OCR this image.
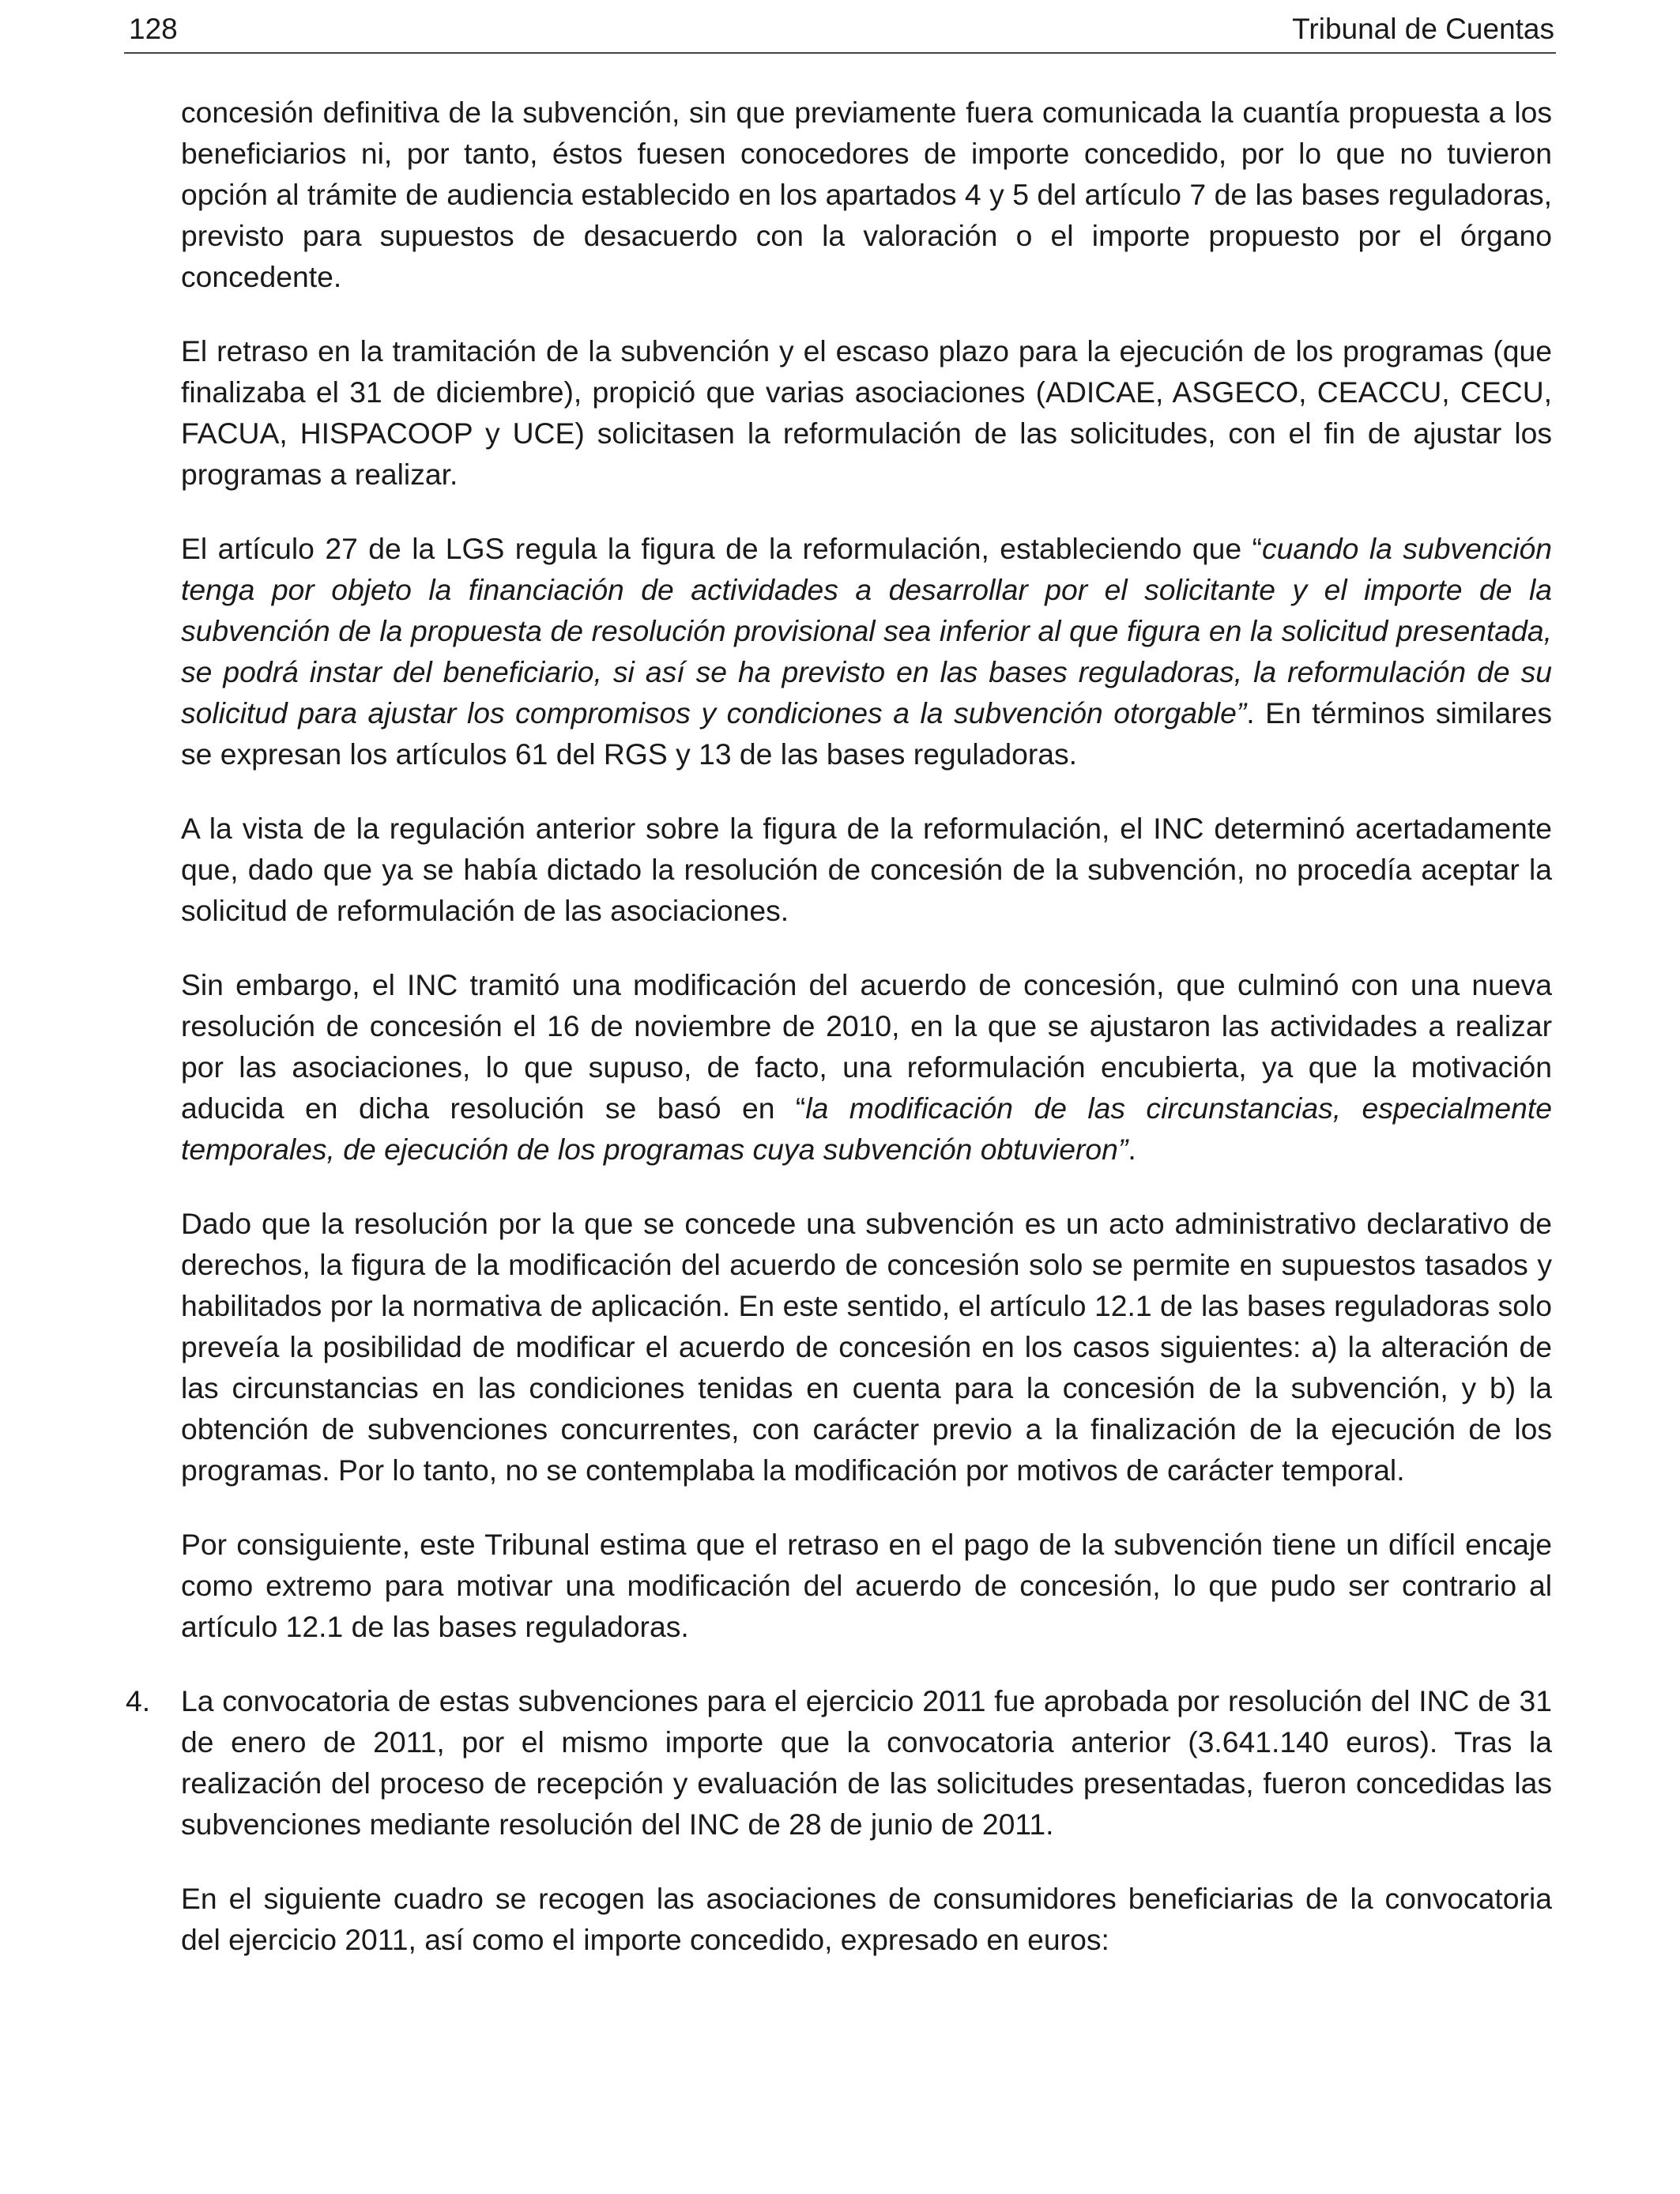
128	Tribunal de Cuentas

concesión definitiva de la subvención, sin que previamente fuera comunicada la cuantía propuesta a los beneficiarios ni, por tanto, éstos fuesen conocedores de importe concedido, por lo que no tuvieron opción al trámite de audiencia establecido en los apartados 4 y 5 del artículo 7 de las bases reguladoras, previsto para supuestos de desacuerdo con la valoración o el importe propuesto por el órgano concedente.

El retraso en la tramitación de la subvención y el escaso plazo para la ejecución de los programas (que finalizaba el 31 de diciembre), propició que varias asociaciones (ADICAE, ASGECO, CEACCU, CECU, FACUA, HISPACOOP y UCE) solicitasen la reformulación de las solicitudes, con el fin de ajustar los programas a realizar.

El artículo 27 de la LGS regula la figura de la reformulación, estableciendo que “cuando la subvención tenga por objeto la financiación de actividades a desarrollar por el solicitante y el importe de la subvención de la propuesta de resolución provisional sea inferior al que figura en la solicitud presentada, se podrá instar del beneficiario, si así se ha previsto en las bases reguladoras, la reformulación de su solicitud para ajustar los compromisos y condiciones a la subvención otorgable”. En términos similares se expresan los artículos 61 del RGS y 13 de las bases reguladoras.

A la vista de la regulación anterior sobre la figura de la reformulación, el INC determinó acertadamente que, dado que ya se había dictado la resolución de concesión de la subvención, no procedía aceptar la solicitud de reformulación de las asociaciones.

Sin embargo, el INC tramitó una modificación del acuerdo de concesión, que culminó con una nueva resolución de concesión el 16 de noviembre de 2010, en la que se ajustaron las actividades a realizar por las asociaciones, lo que supuso, de facto, una reformulación encubierta, ya que la motivación aducida en dicha resolución se basó en “la modificación de las circunstancias, especialmente temporales, de ejecución de los programas cuya subvención obtuvieron”.

Dado que la resolución por la que se concede una subvención es un acto administrativo declarativo de derechos, la figura de la modificación del acuerdo de concesión solo se permite en supuestos tasados y habilitados por la normativa de aplicación. En este sentido, el artículo 12.1 de las bases reguladoras solo preveía la posibilidad de modificar el acuerdo de concesión en los casos siguientes: a) la alteración de las circunstancias en las condiciones tenidas en cuenta para la concesión de la subvención, y b) la obtención de subvenciones concurrentes, con carácter previo a la finalización de la ejecución de los programas. Por lo tanto, no se contemplaba la modificación por motivos de carácter temporal.

Por consiguiente, este Tribunal estima que el retraso en el pago de la subvención tiene un difícil encaje como extremo para motivar una modificación del acuerdo de concesión, lo que pudo ser contrario al artículo 12.1 de las bases reguladoras.

4. La convocatoria de estas subvenciones para el ejercicio 2011 fue aprobada por resolución del INC de 31 de enero de 2011, por el mismo importe que la convocatoria anterior (3.641.140 euros). Tras la realización del proceso de recepción y evaluación de las solicitudes presentadas, fueron concedidas las subvenciones mediante resolución del INC de 28 de junio de 2011.

En el siguiente cuadro se recogen las asociaciones de consumidores beneficiarias de la convocatoria del ejercicio 2011, así como el importe concedido, expresado en euros:
